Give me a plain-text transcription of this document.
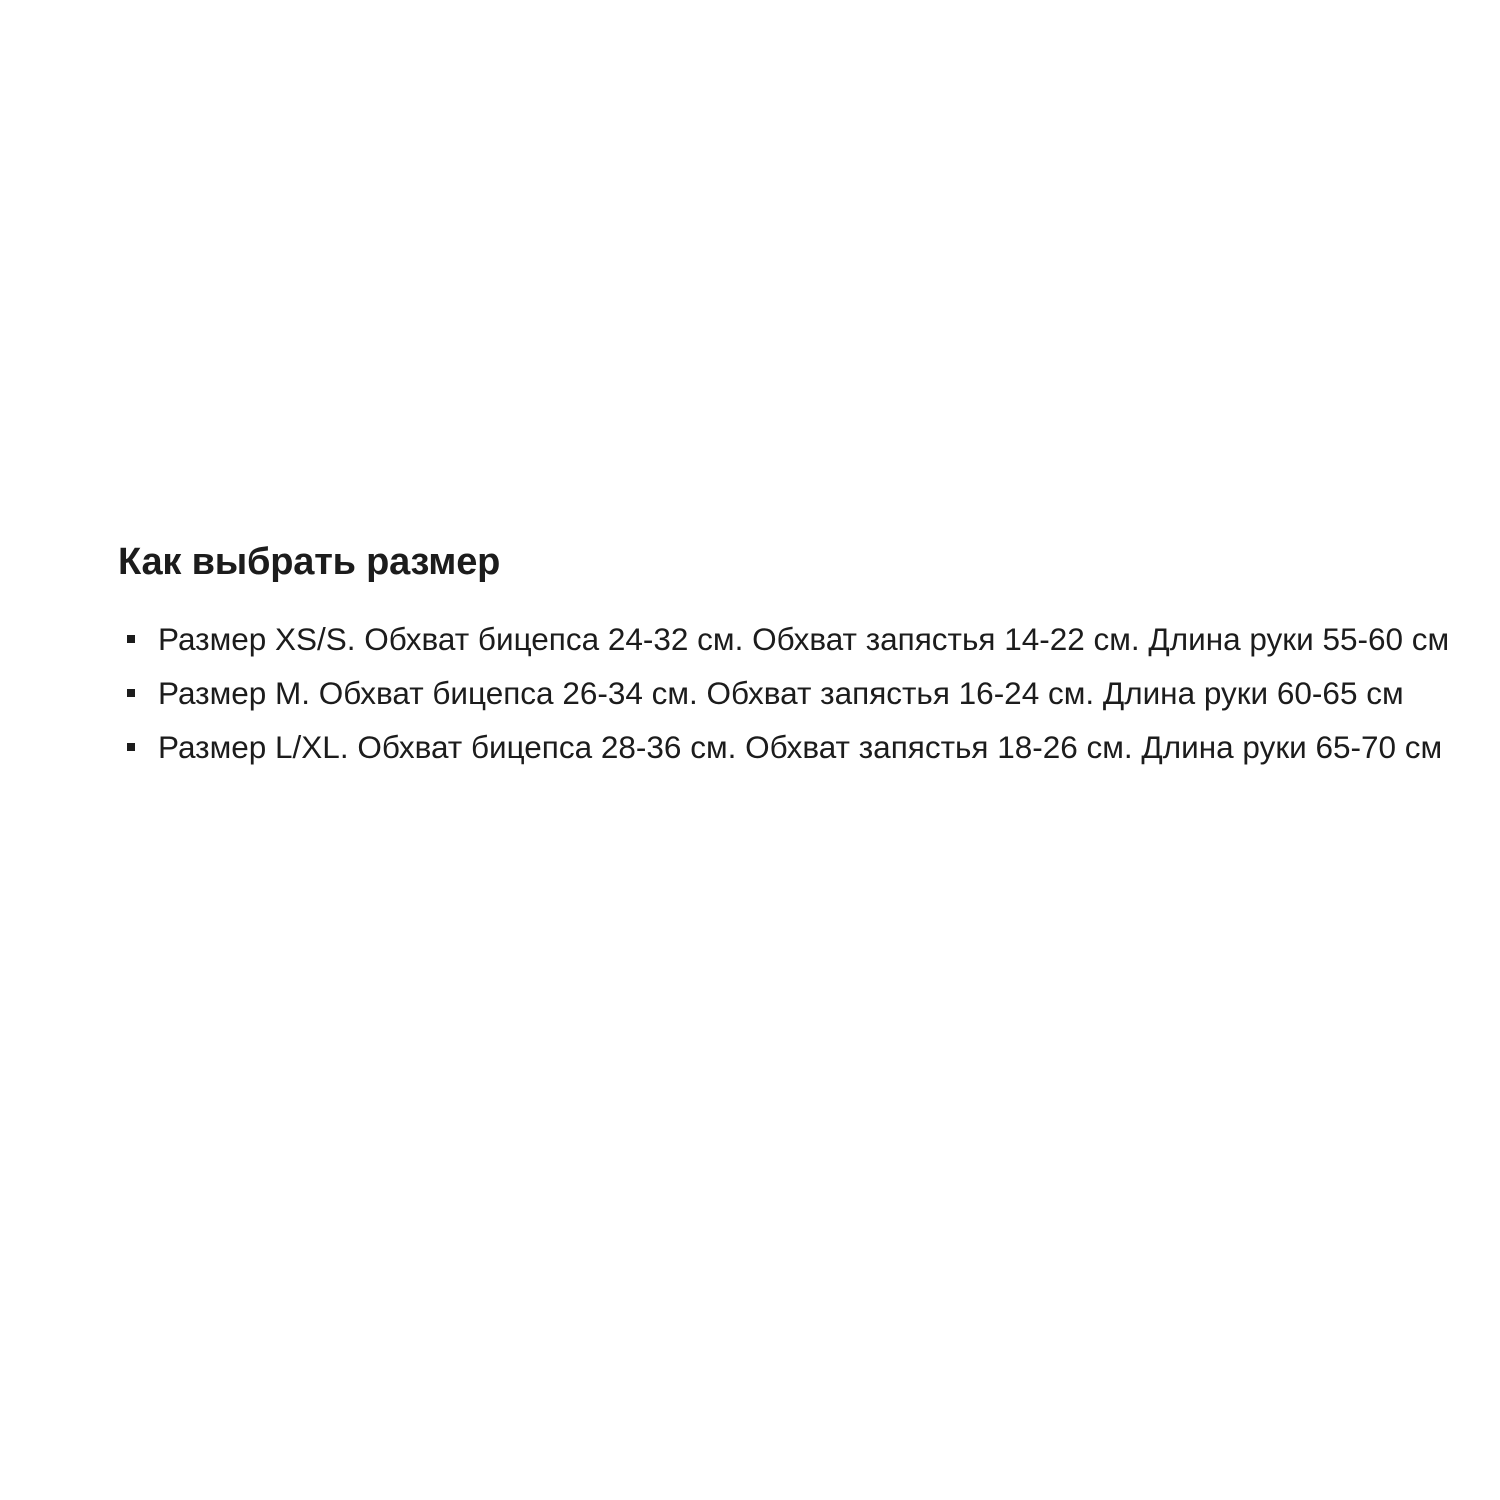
Как выбрать размер
Размер XS/S. Обхват бицепса 24-32 см. Обхват запястья 14-22 см. Длина руки 55-60 см
Размер M. Обхват бицепса 26-34 см. Обхват запястья 16-24 см. Длина руки 60-65 см
Размер L/XL. Обхват бицепса 28-36 см. Обхват запястья 18-26 см. Длина руки 65-70 см
